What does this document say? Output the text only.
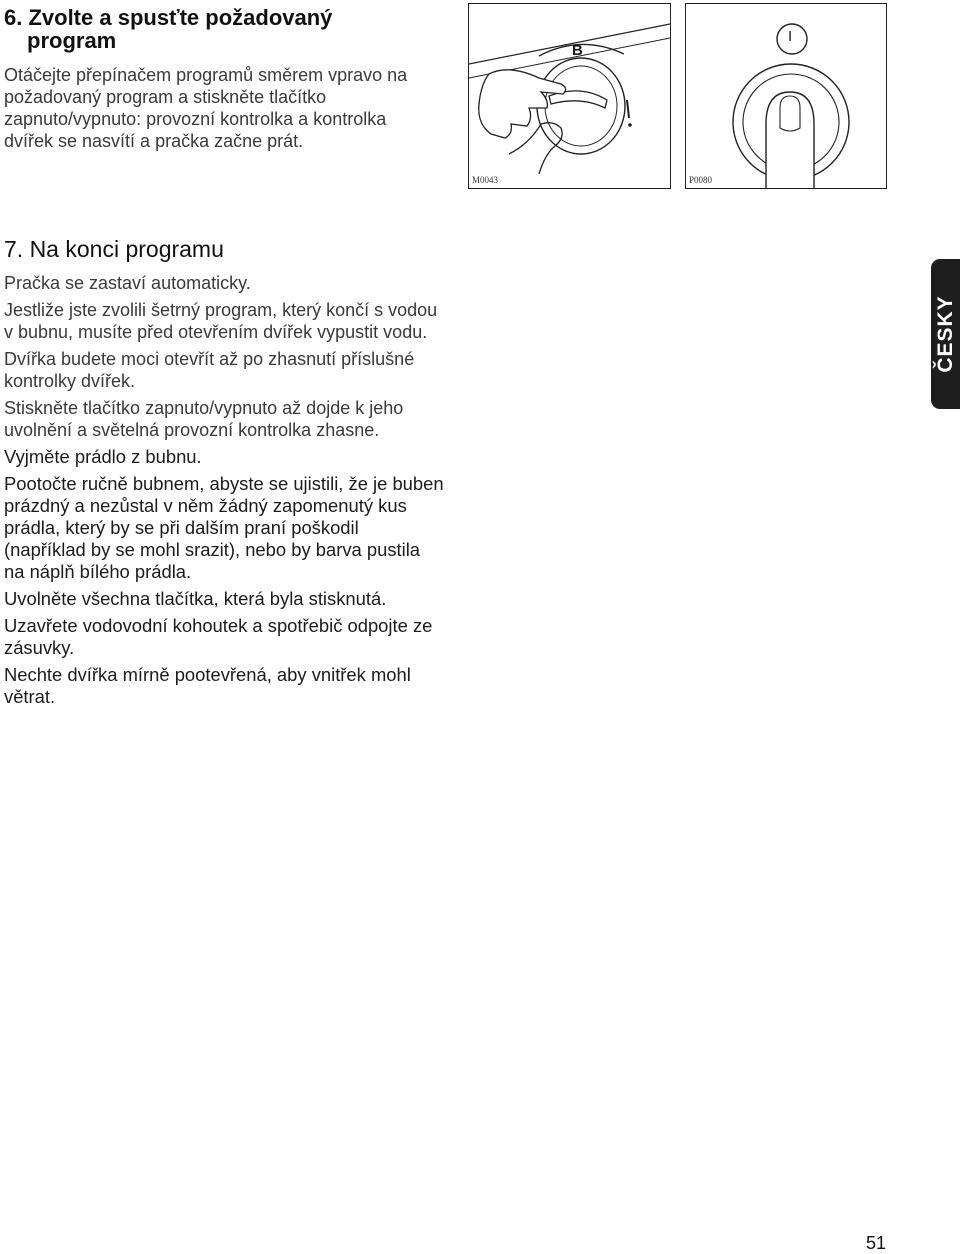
6. Zvolte a spusťte požadovaný
program

Otáčejte přepínačem programů směrem vpravo na požadovaný program a stiskněte tlačítko zapnuto/vypnuto: provozní kontrolka a kontrolka dvířek se nasvítí a pračka začne prát.

B
M0043
I
P0080
7. Na konci programu

Pračka se zastaví automaticky.

Jestliže jste zvolili šetrný program, který končí s vodou v bubnu, musíte před otevřením dvířek vypustit vodu.

Dvířka budete moci otevřít až po zhasnutí příslušné kontrolky dvířek.

Stiskněte tlačítko zapnuto/vypnuto až dojde k jeho uvolnění a světelná provozní kontrolka zhasne.

Vyjměte prádlo z bubnu.

Pootočte ručně bubnem, abyste se ujistili, že je buben prázdný a nezůstal v něm žádný zapomenutý kus prádla, který by se při dalším praní poškodil (například by se mohl srazit), nebo by barva pustila na náplň bílého prádla.

Uvolněte všechna tlačítka, která byla stisknutá.

Uzavřete vodovodní kohoutek a spotřebič odpojte ze zásuvky.

Nechte dvířka mírně pootevřená, aby vnitřek mohl větrat.

ČESKY
51
